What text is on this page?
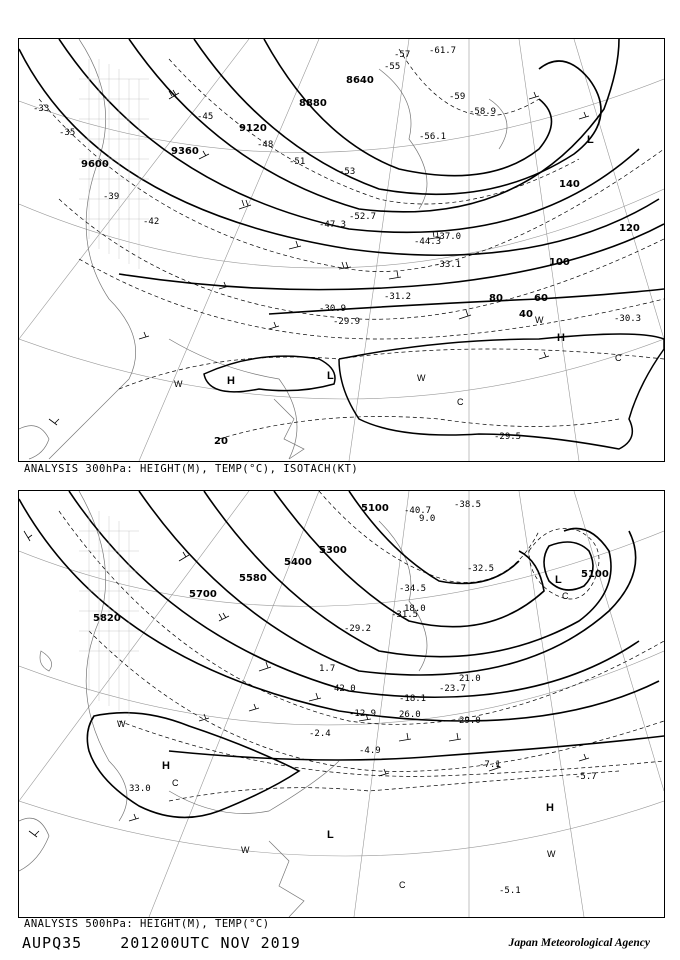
9600
9360
9120
8880
8640
20
40
60
80
100
120
140
-33
-35
-39
-42
-45
-48
-51
-53
-55
-57
-59
-61.7
-58.9
-56.1
-52.7
-47.3
-44.3
-37.0
-33.1
-31.2
-29.9
-30.9
-30.3
-29.5
H
H
L
C
C
W
W
W
L
ANALYSIS 300hPa: HEIGHT(M), TEMP(°C), ISOTACH(KT)
5100
5400
5580
5700
5820
5100
5300
-40.7
-38.5
-34.5
-32.5
-31.5
-29.2
-23.7
-18.1
-12.9
-7.1
-5.7
-5.1
-4.9
-2.4
1.7
9.0
18.0
21.0
26.0
29.0
33.0
42.0
L
H
H
L
C
C
C
W
W	W
ANALYSIS 500hPa: HEIGHT(M), TEMP(°C)
AUPQ35	201200UTC NOV 2019	Japan Meteorological Agency
